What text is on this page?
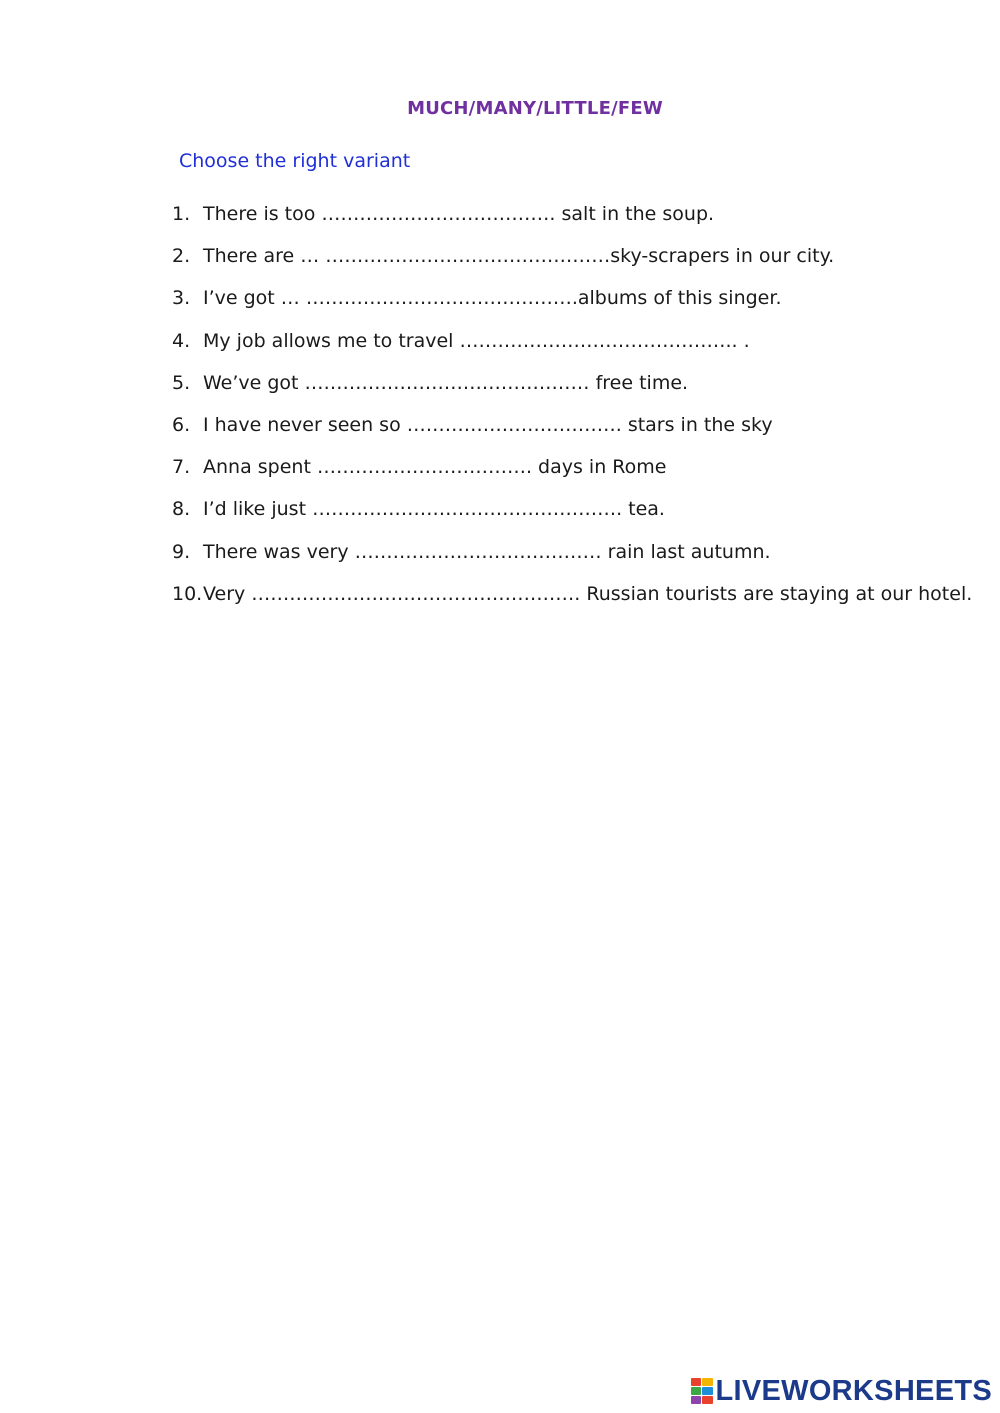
MUCH/MANY/LITTLE/FEW
Choose the right variant
1. There is too ………………………………. salt in the soup.
2. There are … ………………………………………sky-scrapers in our city.
3. I’ve got … …………………………………….albums of this singer.
4. My job allows me to travel …………………………………….. .
5. We’ve got ……………………………………… free time.
6. I have never seen so ……………………………. stars in the sky
7. Anna spent ……………………………. days in Rome
8. I’d like just …………………………………………. tea.
9. There was very ………………………………… rain last autumn.
10. Very ……………………………………………. Russian tourists are staying at our hotel.
LIVEWORKSHEETS
